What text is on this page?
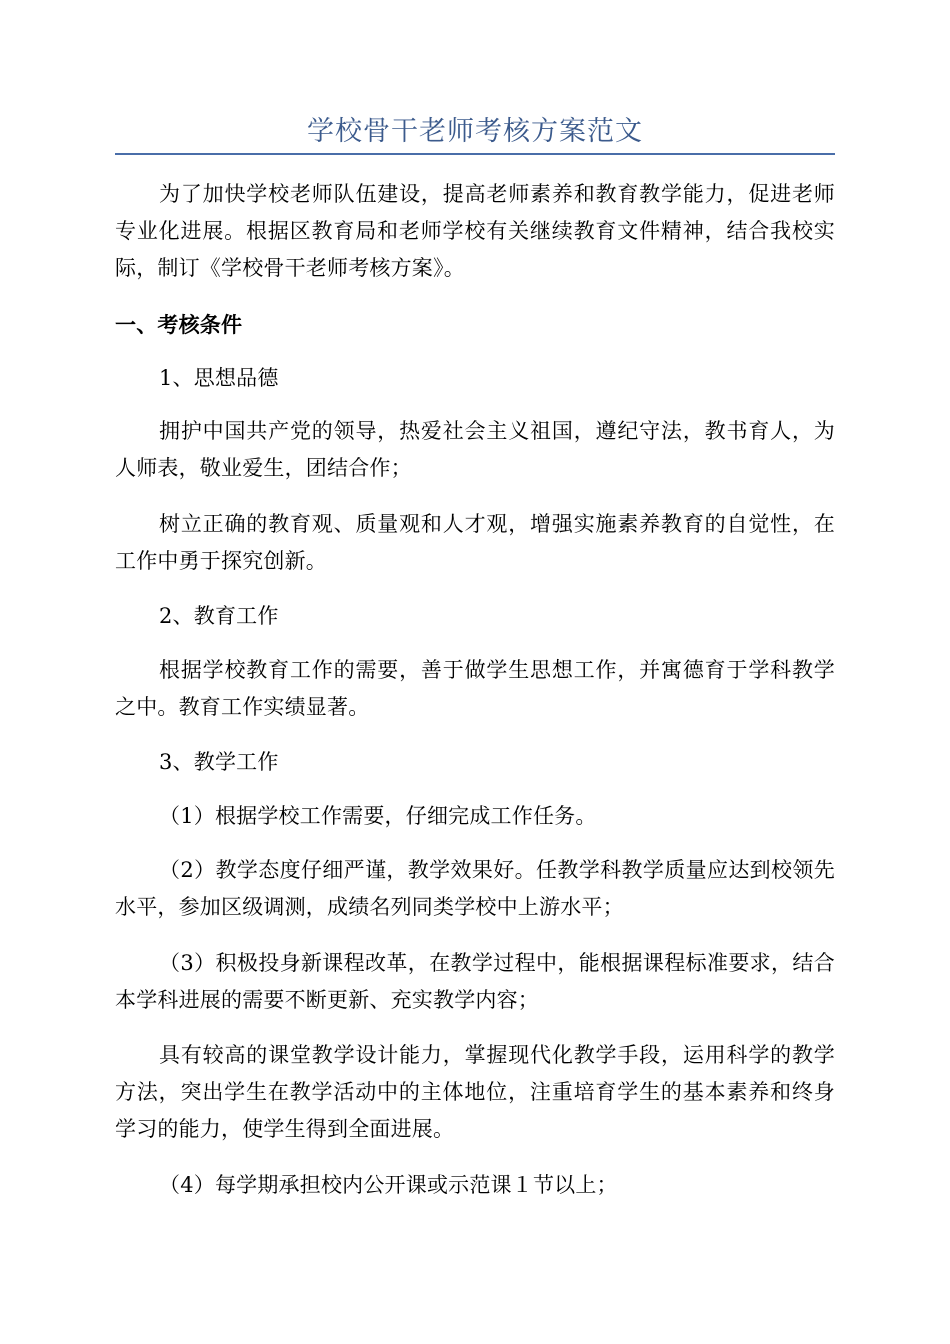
学校骨干老师考核方案范文

为了加快学校老师队伍建设，提高老师素养和教育教学能力，促进老师专业化进展。根据区教育局和老师学校有关继续教育文件精神，结合我校实际，制订《学校骨干老师考核方案》。

一、考核条件

1、思想品德

拥护中国共产党的领导，热爱社会主义祖国，遵纪守法，教书育人，为人师表，敬业爱生，团结合作；

树立正确的教育观、质量观和人才观，增强实施素养教育的自觉性，在工作中勇于探究创新。

2、教育工作

根据学校教育工作的需要，善于做学生思想工作，并寓德育于学科教学之中。教育工作实绩显著。

3、教学工作

（1）根据学校工作需要，仔细完成工作任务。

（2）教学态度仔细严谨，教学效果好。任教学科教学质量应达到校领先水平，参加区级调测，成绩名列同类学校中上游水平；

（3）积极投身新课程改革，在教学过程中，能根据课程标准要求，结合本学科进展的需要不断更新、充实教学内容；

具有较高的课堂教学设计能力，掌握现代化教学手段，运用科学的教学方法，突出学生在教学活动中的主体地位，注重培育学生的基本素养和终身学习的能力，使学生得到全面进展。

（4）每学期承担校内公开课或示范课１节以上；
